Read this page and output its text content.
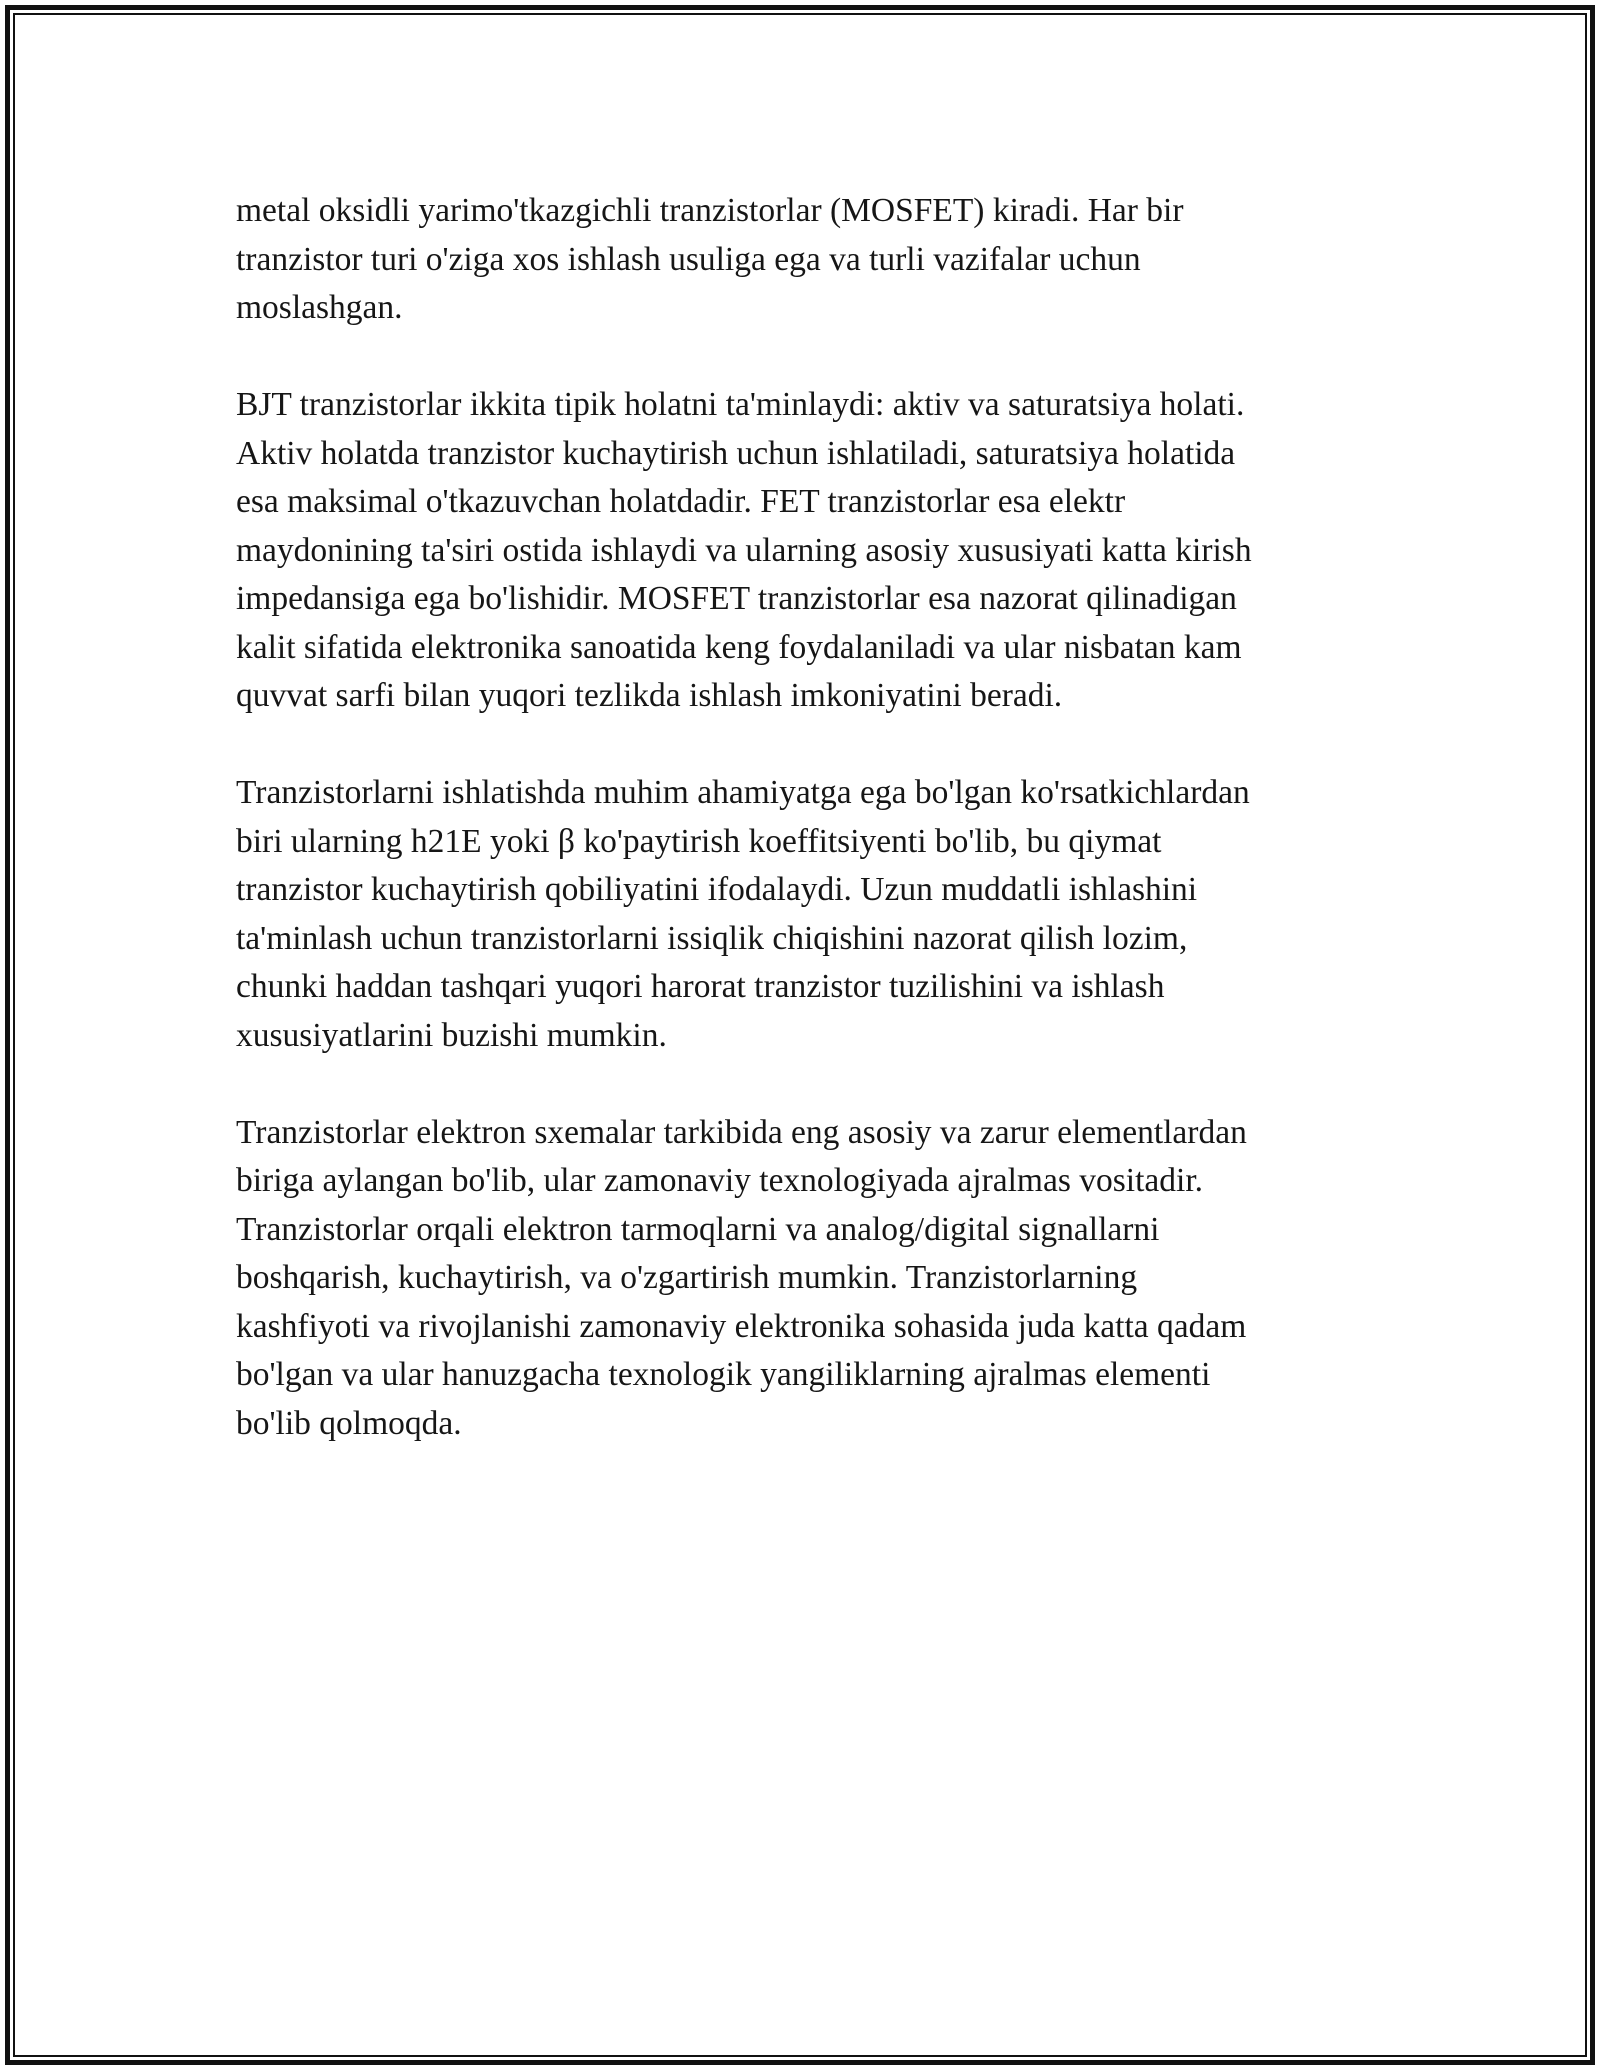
metal oksidli yarimo'tkazgichli tranzistorlar (MOSFET) kiradi. Har bir
tranzistor turi o'ziga xos ishlash usuliga ega va turli vazifalar uchun
moslashgan.

BJT tranzistorlar ikkita tipik holatni ta'minlaydi: aktiv va saturatsiya holati.
Aktiv holatda tranzistor kuchaytirish uchun ishlatiladi, saturatsiya holatida
esa maksimal o'tkazuvchan holatdadir. FET tranzistorlar esa elektr
maydonining ta'siri ostida ishlaydi va ularning asosiy xususiyati katta kirish
impedansiga ega bo'lishidir. MOSFET tranzistorlar esa nazorat qilinadigan
kalit sifatida elektronika sanoatida keng foydalaniladi va ular nisbatan kam
quvvat sarfi bilan yuqori tezlikda ishlash imkoniyatini beradi.

Tranzistorlarni ishlatishda muhim ahamiyatga ega bo'lgan ko'rsatkichlardan
biri ularning h21E yoki β ko'paytirish koeffitsiyenti bo'lib, bu qiymat
tranzistor kuchaytirish qobiliyatini ifodalaydi. Uzun muddatli ishlashini
ta'minlash uchun tranzistorlarni issiqlik chiqishini nazorat qilish lozim,
chunki haddan tashqari yuqori harorat tranzistor tuzilishini va ishlash
xususiyatlarini buzishi mumkin.

Tranzistorlar elektron sxemalar tarkibida eng asosiy va zarur elementlardan
biriga aylangan bo'lib, ular zamonaviy texnologiyada ajralmas vositadir.
Tranzistorlar orqali elektron tarmoqlarni va analog/digital signallarni
boshqarish, kuchaytirish, va o'zgartirish mumkin. Tranzistorlarning
kashfiyoti va rivojlanishi zamonaviy elektronika sohasida juda katta qadam
bo'lgan va ular hanuzgacha texnologik yangiliklarning ajralmas elementi
bo'lib qolmoqda.
